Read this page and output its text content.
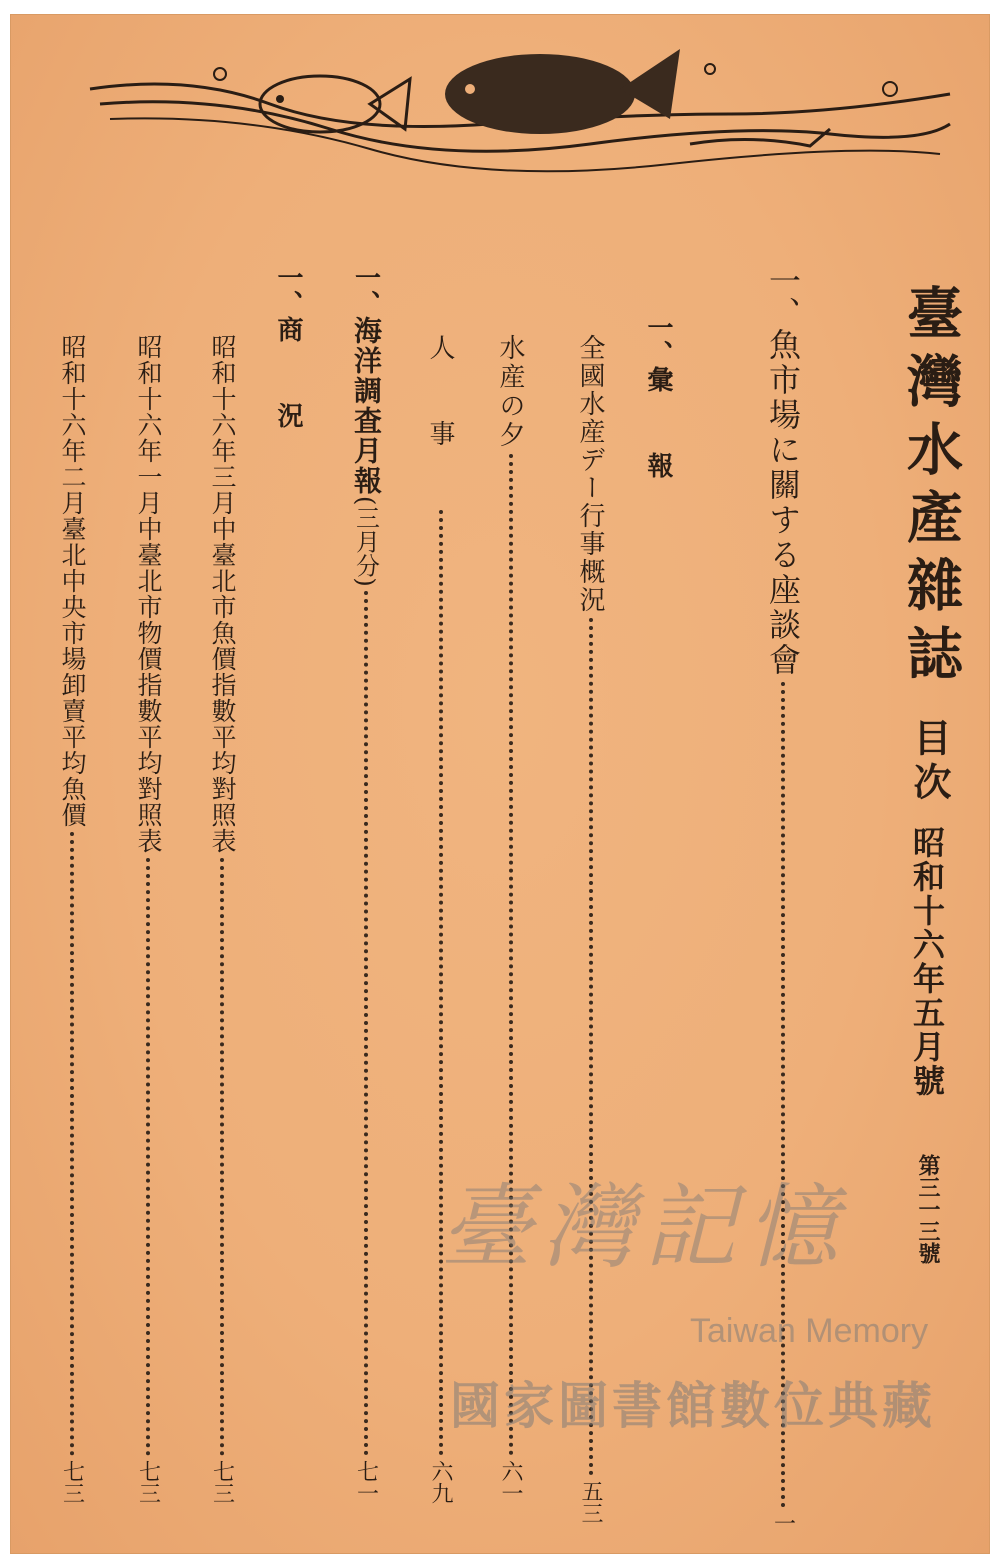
臺灣水產雜誌
目次
昭和十六年五月號
第三一三號
一、
魚市場に關する座談會
一
一、
彙報
全國水産デー行事概況
五三
水産の夕
六一
人事
六九
一、
海洋調査月報
(三月分)
七一
一、
商況
昭和十六年三月中臺北市魚價指數平均對照表
七三
昭和十六年一月中臺北市物價指數平均對照表
七三
昭和十六年二月臺北中央市場卸賣平均魚價
七三
臺灣記憶
Taiwan Memory
國家圖書館數位典藏
